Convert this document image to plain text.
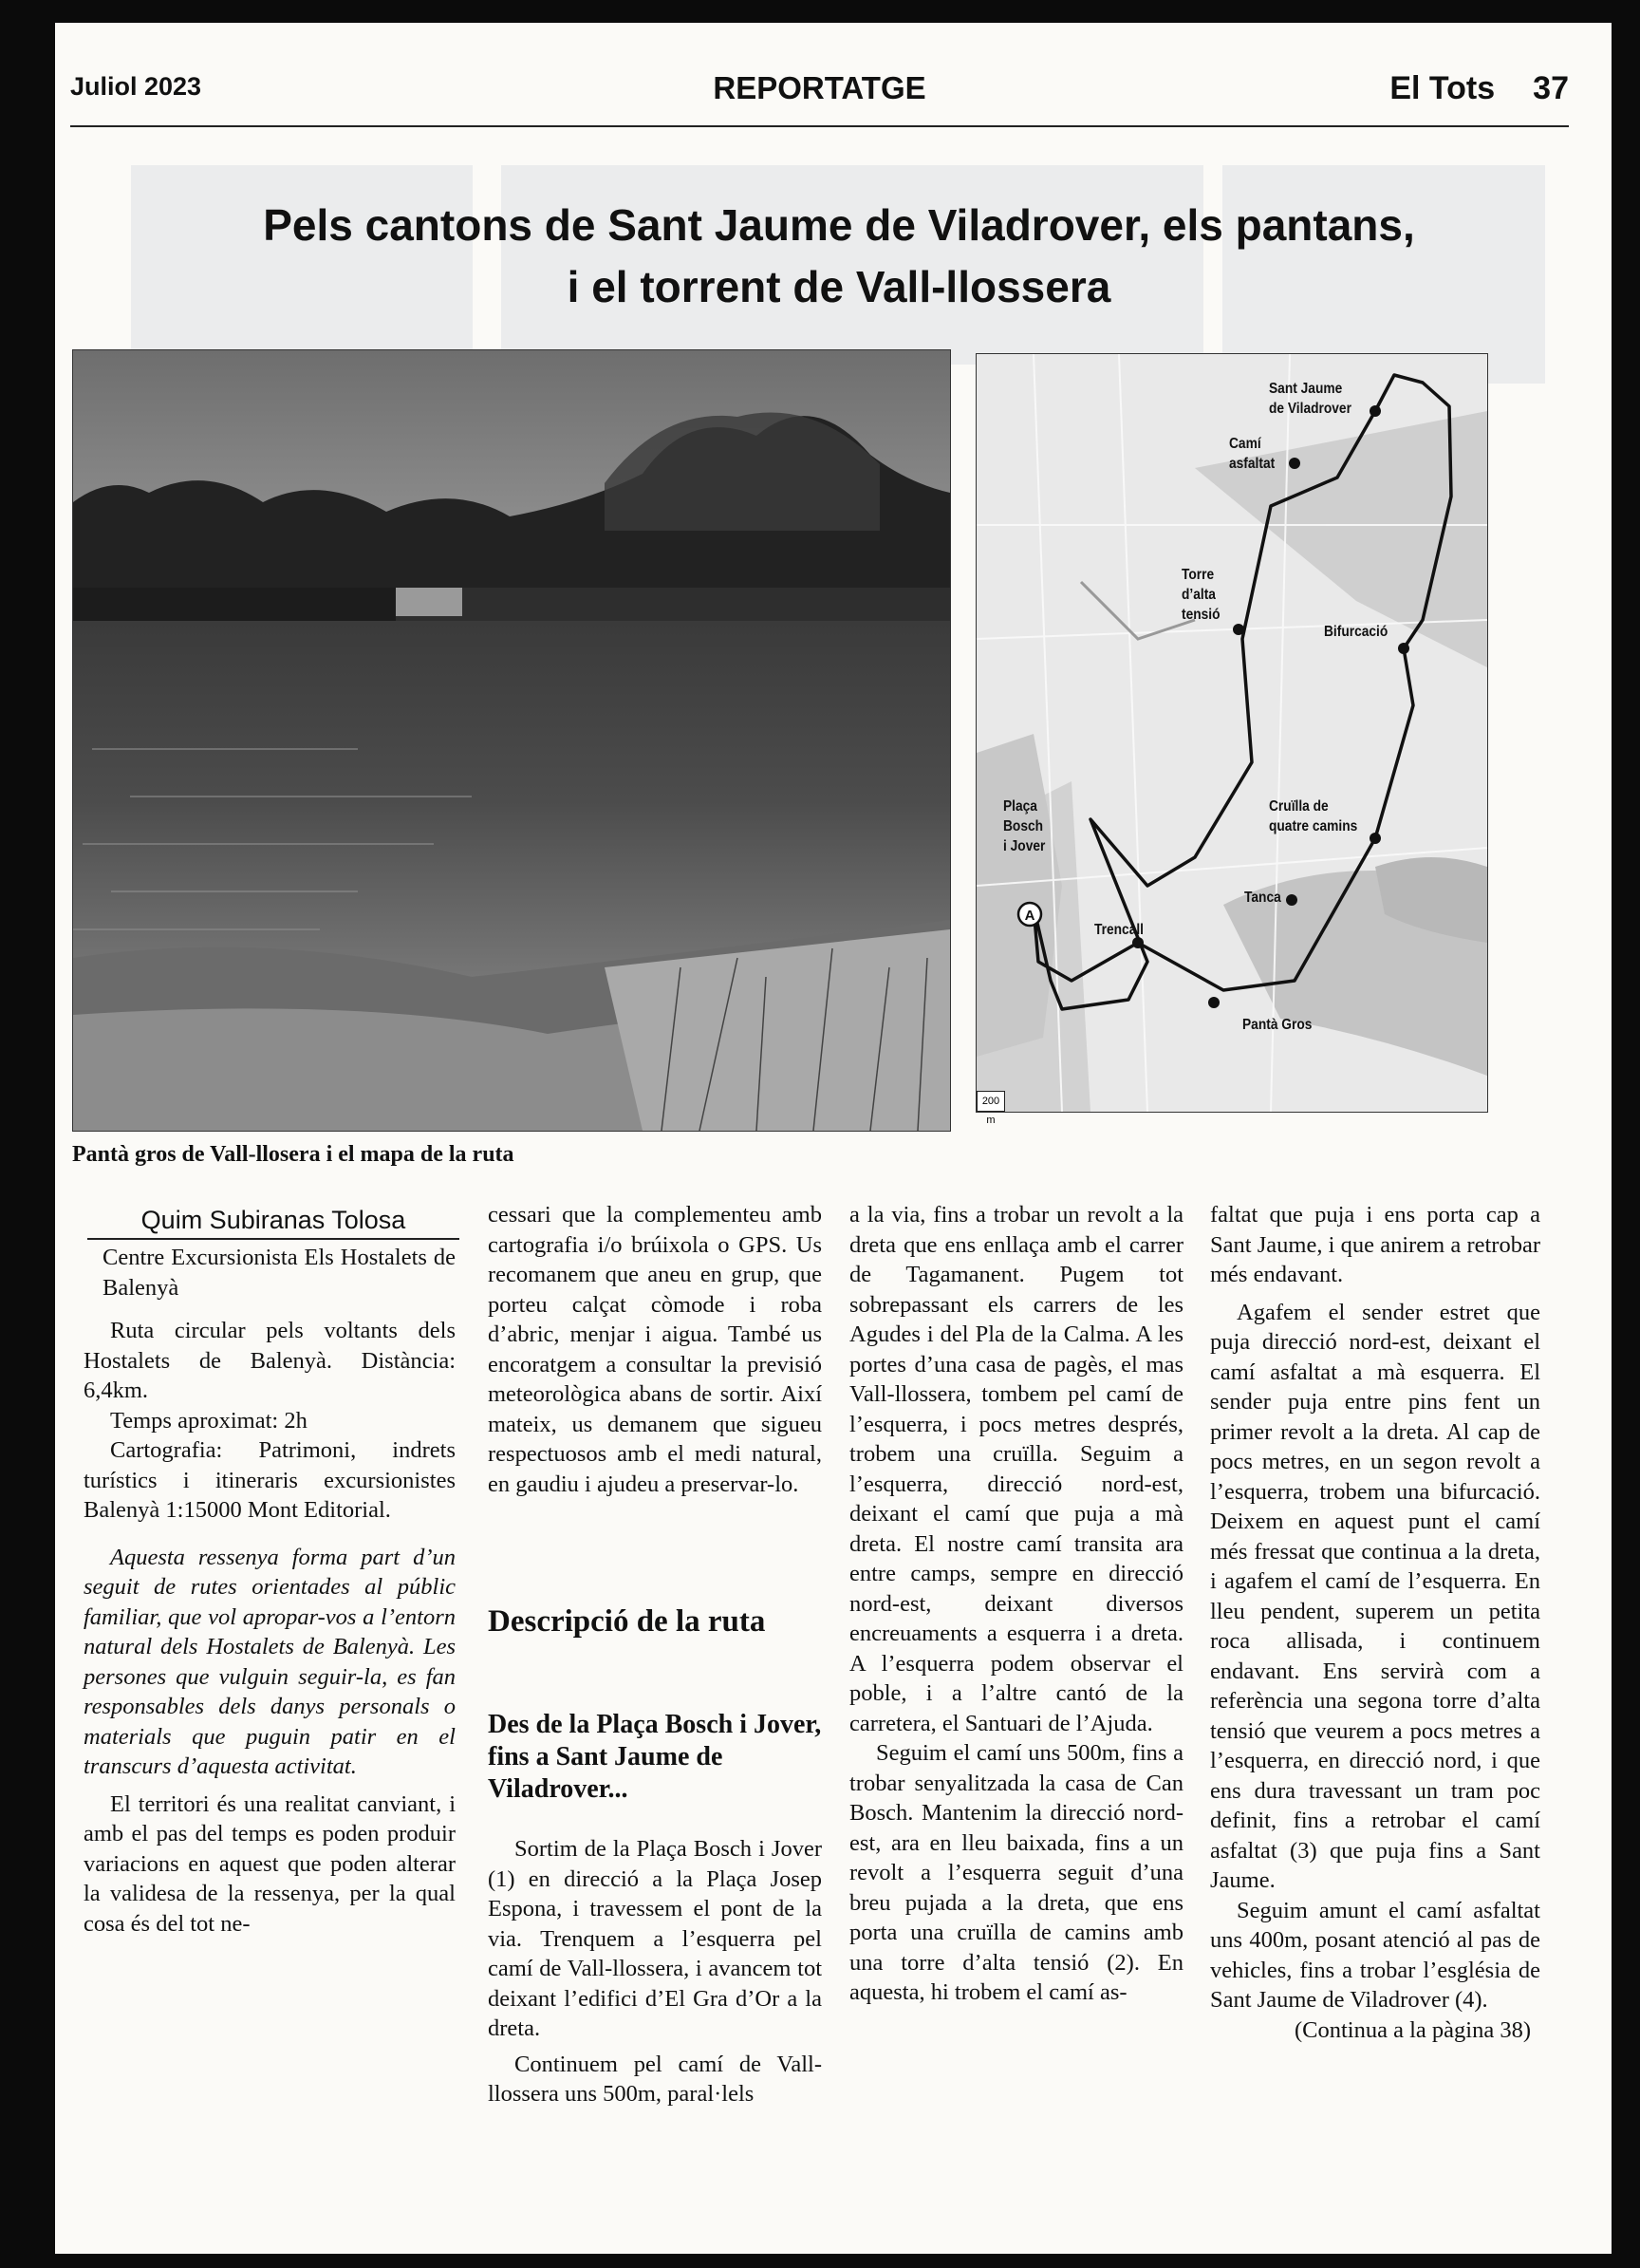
Juliol 2023	REPORTATGE	El Tots 37
Pels cantons de Sant Jaume de Viladrover, els pantans,
i el torrent de Vall-llossera
A
Sant Jaume
de Viladrover
Camí
asfaltat
Torre
d’alta
tensió
Bifurcació
Cruïlla de
quatre camins
Plaça
Bosch
i Jover
Tanca
Trencall
Pantà Gros
200 m
Pantà gros de Vall-llosera i el mapa de la ruta
Quim Subiranas Tolosa

Centre Excursionista Els Hostalets de Balenyà

Ruta circular pels voltants dels Hostalets de Balenyà. Distància: 6,4km.

Temps aproximat: 2h

Cartografia: Patrimoni, indrets turístics i itineraris excursionistes Balenyà 1:15000 Mont Editorial.

Aquesta ressenya forma part d’un seguit de rutes orientades al públic familiar, que vol apropar-vos a l’entorn natural dels Hostalets de Balenyà. Les persones que vulguin seguir-la, es fan responsables dels danys personals o materials que puguin patir en el transcurs d’aquesta activitat.

El territori és una realitat canviant, i amb el pas del temps es poden produir variacions en aquest que poden alterar la validesa de la ressenya, per la qual cosa és del tot ne-

cessari que la complementeu amb cartografia i/o brúixola o GPS. Us recomanem que aneu en grup, que porteu calçat còmode i roba d’abric, menjar i aigua. També us encoratgem a consultar la previsió meteorològica abans de sortir. Així mateix, us demanem que sigueu respectuosos amb el medi natural, en gaudiu i ajudeu a preservar-lo.

Descripció de la ruta
Des de la Plaça Bosch i Jover, fins a Sant Jaume de Viladrover...

Sortim de la Plaça Bosch i Jover (1) en direcció a la Plaça Josep Espona, i travessem el pont de la via. Trenquem a l’esquerra pel camí de Vall-llossera, i avancem tot deixant l’edifici d’El Gra d’Or a la dreta.

Continuem pel camí de Vall-llossera uns 500m, paral·lels

a la via, fins a trobar un revolt a la dreta que ens enllaça amb el carrer de Tagamanent. Pugem tot sobrepassant els carrers de les Agudes i del Pla de la Calma. A les portes d’una casa de pagès, el mas Vall-llossera, tombem pel camí de l’esquerra, i pocs metres després, trobem una cruïlla. Seguim a l’esquerra, direcció nord-est, deixant el camí que puja a mà dreta. El nostre camí transita ara entre camps, sempre en direcció nord-est, deixant diversos encreuaments a esquerra i a dreta. A l’esquerra podem observar el poble, i a l’altre cantó de la carretera, el Santuari de l’Ajuda.

Seguim el camí uns 500m, fins a trobar senyalitzada la casa de Can Bosch. Mantenim la direcció nord-est, ara en lleu baixada, fins a un revolt a l’esquerra seguit d’una breu pujada a la dreta, que ens porta una cruïlla de camins amb una torre d’alta tensió (2). En aquesta, hi trobem el camí as-

faltat que puja i ens porta cap a Sant Jaume, i que anirem a retrobar més endavant.

Agafem el sender estret que puja direcció nord-est, deixant el camí asfaltat a mà esquerra. El sender puja entre pins fent un primer revolt a la dreta. Al cap de pocs metres, en un segon revolt a l’esquerra, trobem una bifurcació. Deixem en aquest punt el camí més fressat que continua a la dreta, i agafem el camí de l’esquerra. En lleu pendent, superem un petita roca allisada, i continuem endavant. Ens servirà com a referència una segona torre d’alta tensió que veurem a pocs metres a l’esquerra, en direcció nord, i que ens dura travessant un tram poc definit, fins a retrobar el camí asfaltat (3) que puja fins a Sant Jaume.

Seguim amunt el camí asfaltat uns 400m, posant atenció al pas de vehicles, fins a trobar l’església de Sant Jaume de Viladrover (4).

(Continua a la pàgina 38)
